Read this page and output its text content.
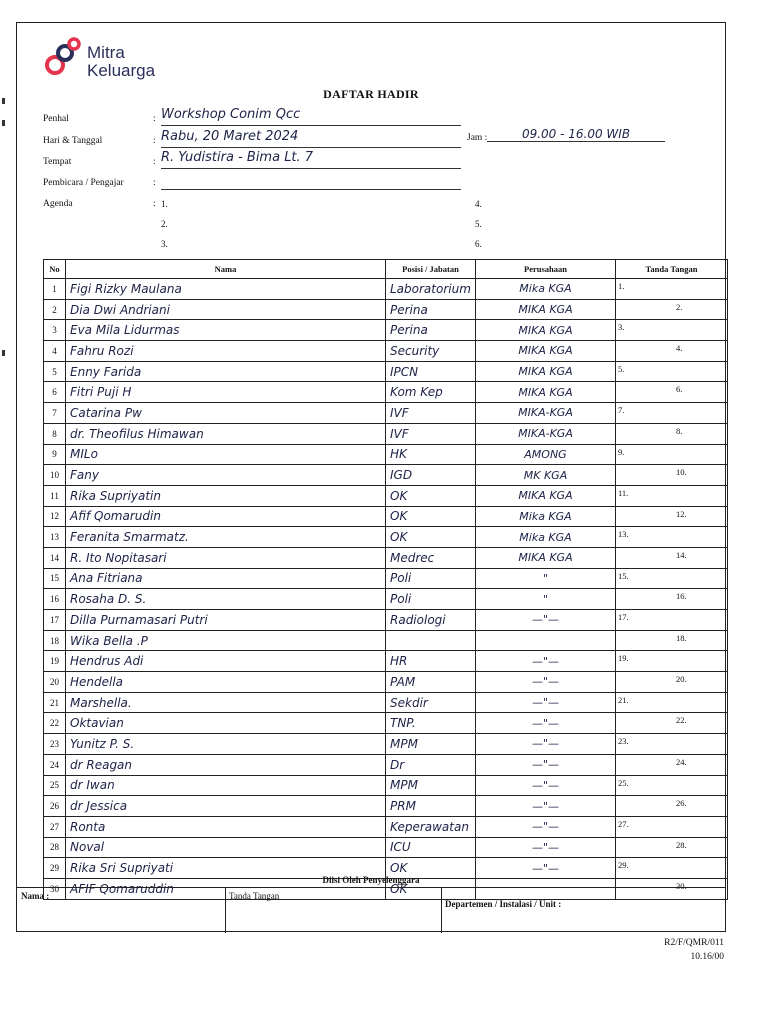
Mitra
Keluarga
DAFTAR HADIR
Penhal	: Workshop Conim Qcc
Hari & Tanggal	: Rabu, 20 Maret 2024	Jam :	09.00 - 16.00 WIB
Tempat	: R. Yudistira - Bima Lt. 7
Pembicara / Pengajar	:
Agenda	: 1.
2.
3.
4.
5.
6.
No	Nama	Posisi / Jabatan	Perusahaan	Tanda Tangan
1	Figi Rizky Maulana	Laboratorium	Mika KGA	1.

2	Dia Dwi Andriani	Perina	MIKA KGA	2.

3	Eva Mila Lidurmas	Perina	MIKA KGA	3.

4	Fahru Rozi	Security	MIKA KGA	4.

5	Enny Farida	IPCN	MIKA KGA	5.

6	Fitri Puji H	Kom Kep	MIKA KGA	6.

7	Catarina Pw	IVF	MIKA-KGA	7.

8	dr. Theofilus Himawan	IVF	MIKA-KGA	8.

9	MILo	HK	AMONG	9.

10	Fany	IGD	MK KGA	10.

11	Rika Supriyatin	OK	MIKA KGA	11.

12	Afif Qomarudin	OK	Mika KGA	12.

13	Feranita Smarmatz.	OK	Mika KGA	13.

14	R. Ito Nopitasari	Medrec	MIKA KGA	14.

15	Ana Fitriana	Poli	"	15.

16	Rosaha D. S.	Poli	"	16.

17	Dilla Purnamasari Putri	Radiologi	—"—	17.

18	Wika Bella .P			18.

19	Hendrus Adi	HR	—"—	19.

20	Hendella	PAM	—"—	20.

21	Marshella.	Sekdir	—"—	21.

22	Oktavian	TNP.	—"—	22.

23	Yunitz P. S.	MPM	—"—	23.

24	dr Reagan	Dr	—"—	24.

25	dr Iwan	MPM	—"—	25.

26	dr Jessica	PRM	—"—	26.

27	Ronta	Keperawatan	—"—	27.

28	Noval	ICU	—"—	28.

29	Rika Sri Supriyati	OK	—"—	29.

30	AFIF Qomaruddin	OK		30.
Diisi Oleh Penyelenggara
Nama :	Tanda Tangan
Departemen / Instalasi / Unit :
R2/F/QMR/011
10.16/00
